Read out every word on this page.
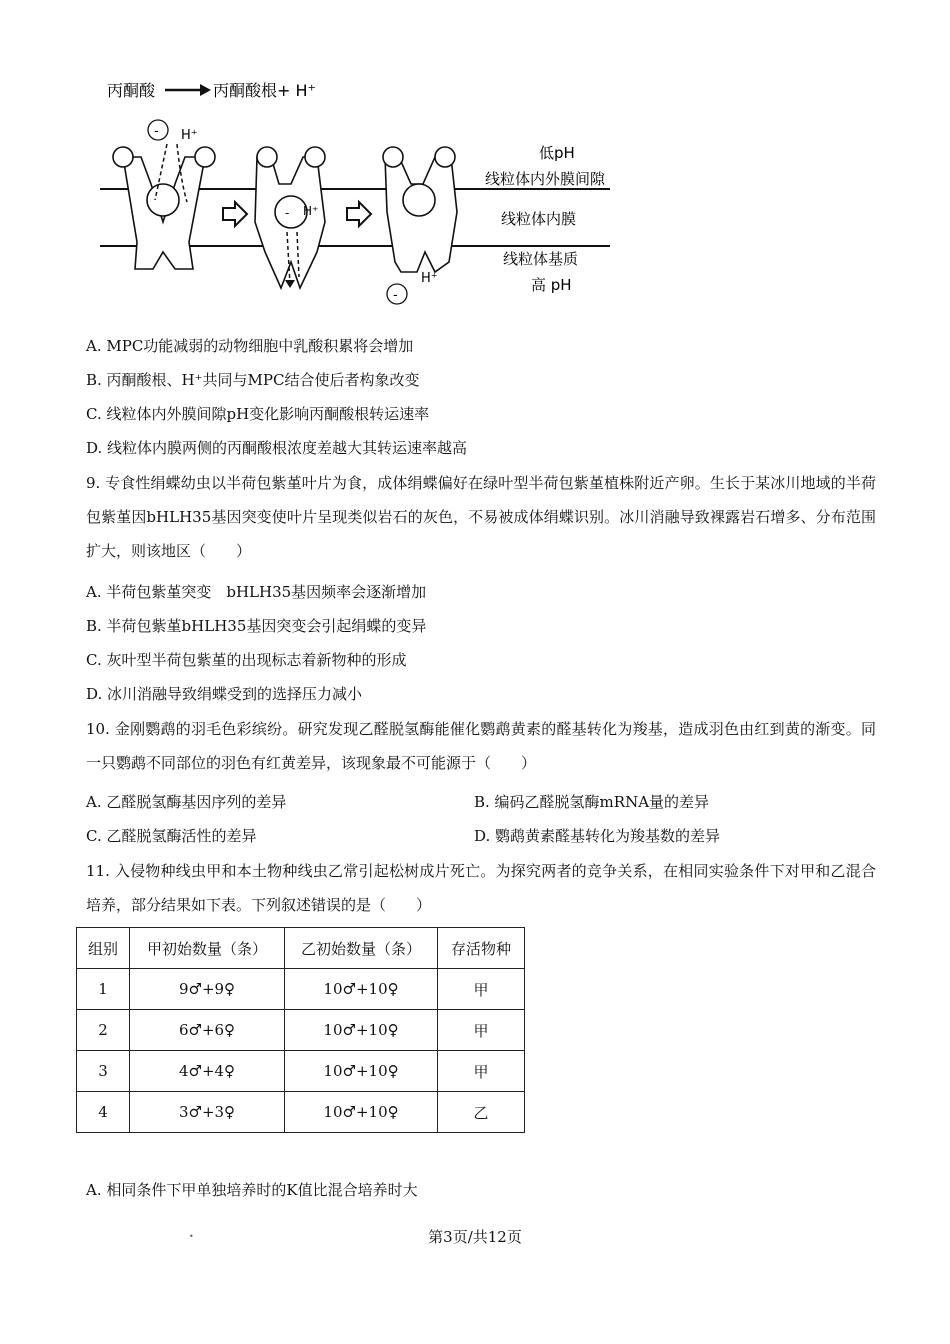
丙酮酸	丙酮酸根+ H⁺
- H⁺
- H⁺
H⁺
-
低pH
线粒体内外膜间隙
线粒体内膜
线粒体基质
高 pH
A. MPC功能减弱的动物细胞中乳酸积累将会增加
B. 丙酮酸根、H⁺共同与MPC结合使后者构象改变
C. 线粒体内外膜间隙pH变化影响丙酮酸根转运速率
D. 线粒体内膜两侧的丙酮酸根浓度差越大其转运速率越高
9. 专食性绢蝶幼虫以半荷包紫堇叶片为食，成体绢蝶偏好在绿叶型半荷包紫堇植株附近产卵。生长于某冰川地域的半荷包紫堇因bHLH35基因突变使叶片呈现类似岩石的灰色，不易被成体绢蝶识别。冰川消融导致裸露岩石增多、分布范围扩大，则该地区（　　）
A. 半荷包紫堇突变　bHLH35基因频率会逐渐增加
B. 半荷包紫堇bHLH35基因突变会引起绢蝶的变异
C. 灰叶型半荷包紫堇的出现标志着新物种的形成
D. 冰川消融导致绢蝶受到的选择压力减小
10. 金刚鹦鹉的羽毛色彩缤纷。研究发现乙醛脱氢酶能催化鹦鹉黄素的醛基转化为羧基，造成羽色由红到黄的渐变。同一只鹦鹉不同部位的羽色有红黄差异，该现象最不可能源于（　　）
A. 乙醛脱氢酶基因序列的差异	B. 编码乙醛脱氢酶mRNA量的差异
C. 乙醛脱氢酶活性的差异	D. 鹦鹉黄素醛基转化为羧基数的差异
11. 入侵物种线虫甲和本土物种线虫乙常引起松树成片死亡。为探究两者的竞争关系，在相同实验条件下对甲和乙混合培养，部分结果如下表。下列叙述错误的是（　　）
组别	甲初始数量（条）	乙初始数量（条）	存活物种
1	9♂+9♀	10♂+10♀	甲
2	6♂+6♀	10♂+10♀	甲
3	4♂+4♀	10♂+10♀	甲
4	3♂+3♀	10♂+10♀	乙
A. 相同条件下甲单独培养时的K值比混合培养时大
•	第3页/共12页
